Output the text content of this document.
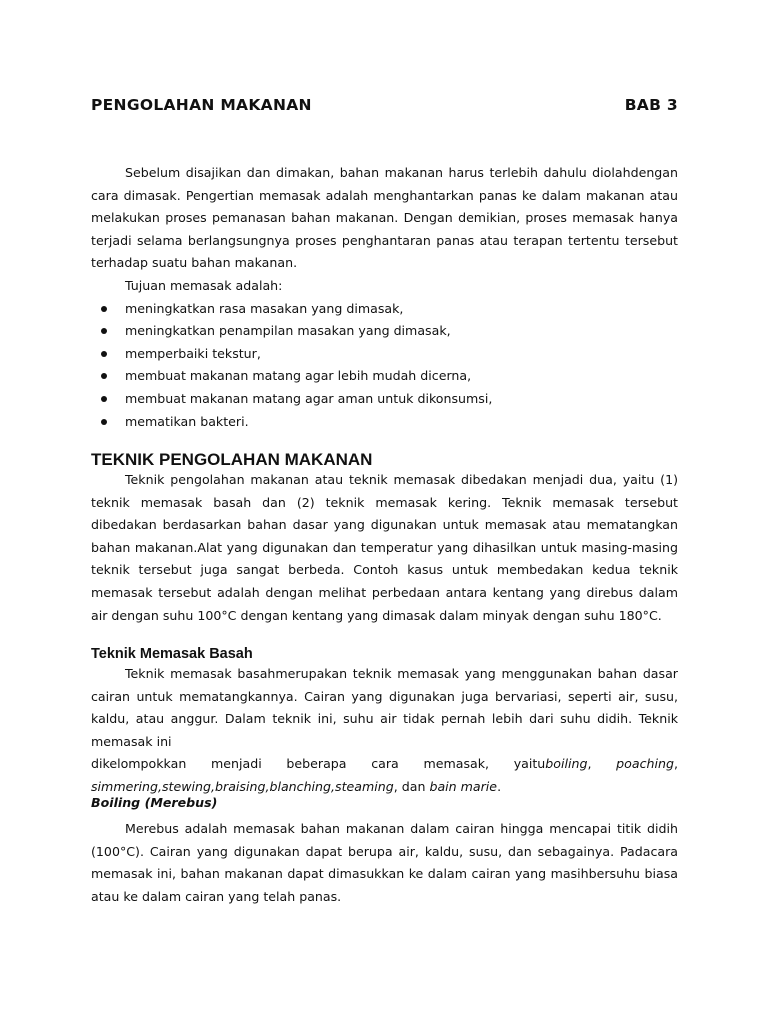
PENGOLAHAN MAKANAN	BAB 3

Sebelum disajikan dan dimakan, bahan makanan harus terlebih dahulu diolahdengan cara dimasak. Pengertian memasak adalah menghantarkan panas ke dalam makanan atau melakukan proses pemanasan bahan makanan. Dengan demikian, proses memasak hanya terjadi selama berlangsungnya proses penghantaran panas atau terapan tertentu tersebut terhadap suatu bahan makanan.

Tujuan memasak adalah:

meningkatkan rasa masakan yang dimasak,
meningkatkan penampilan masakan yang dimasak,
memperbaiki tekstur,
membuat makanan matang agar lebih mudah dicerna,
membuat makanan matang agar aman untuk dikonsumsi,
mematikan bakteri.
TEKNIK PENGOLAHAN MAKANAN

Teknik pengolahan makanan atau teknik memasak dibedakan menjadi dua, yaitu (1) teknik memasak basah dan (2) teknik memasak kering. Teknik memasak tersebut dibedakan berdasarkan bahan dasar yang digunakan untuk memasak atau mematangkan bahan makanan.Alat yang digunakan dan temperatur yang dihasilkan untuk masing-masing teknik tersebut juga sangat berbeda. Contoh kasus untuk membedakan kedua teknik memasak tersebut adalah dengan melihat perbedaan antara kentang yang direbus dalam air dengan suhu 100°C dengan kentang yang dimasak dalam minyak dengan suhu 180°C.

Teknik Memasak Basah

Teknik memasak basahmerupakan teknik memasak yang menggunakan bahan dasar cairan untuk mematangkannya. Cairan yang digunakan juga bervariasi, seperti air, susu, kaldu, atau anggur. Dalam teknik ini, suhu air tidak pernah lebih dari suhu didih. Teknik memasak ini

dikelompokkan menjadi beberapa cara memasak, yaituboiling, poaching,

simmering,stewing,braising,blanching,steaming, dan bain marie.

Boiling (Merebus)

Merebus adalah memasak bahan makanan dalam cairan hingga mencapai titik didih (100°C). Cairan yang digunakan dapat berupa air, kaldu, susu, dan sebagainya. Padacara memasak ini, bahan makanan dapat dimasukkan ke dalam cairan yang masihbersuhu biasa atau ke dalam cairan yang telah panas.
